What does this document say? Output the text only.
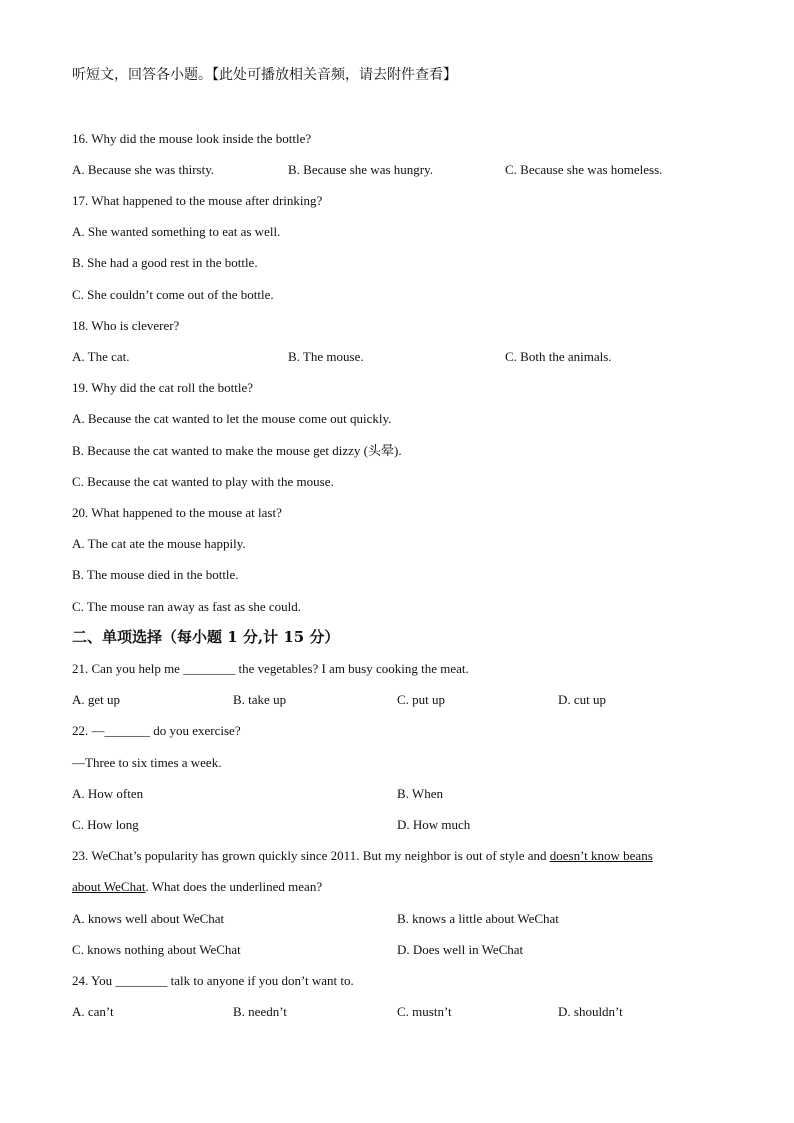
听短文，回答各小题。【此处可播放相关音频，请去附件查看】
16. Why did the mouse look inside the bottle?
A. Because she was thirsty.	B. Because she was hungry.	C. Because she was homeless.
17. What happened to the mouse after drinking?
A. She wanted something to eat as well.
B. She had a good rest in the bottle.
C. She couldn’t come out of the bottle.
18. Who is cleverer?
A. The cat.	B. The mouse.	C. Both the animals.
19. Why did the cat roll the bottle?
A. Because the cat wanted to let the mouse come out quickly.
B. Because the cat wanted to make the mouse get dizzy (头晕).
C. Because the cat wanted to play with the mouse.
20. What happened to the mouse at last?
A. The cat ate the mouse happily.
B. The mouse died in the bottle.
C. The mouse ran away as fast as she could.
二、单项选择（每小题 1 分,计 15 分）
21. Can you help me ________ the vegetables? I am busy cooking the meat.
A. get up	B. take up	C. put up	D. cut up
22. —_______ do you exercise?
—Three to six times a week.
A. How often	B. When
C. How long	D. How much
23. WeChat’s popularity has grown quickly since 2011. But my neighbor is out of style and doesn’t know beans
about WeChat. What does the underlined mean?
A. knows well about WeChat	B. knows a little about WeChat
C. knows nothing about WeChat	D. Does well in WeChat
24. You ________ talk to anyone if you don’t want to.
A. can’t	B. needn’t	C. mustn’t	D. shouldn’t
